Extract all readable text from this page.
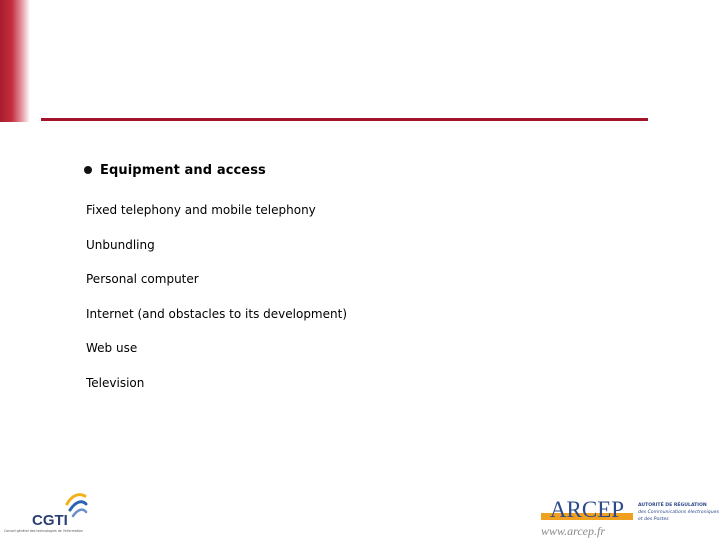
Equipment and access
Fixed telephony and mobile telephony
Unbundling
Personal computer
Internet (and obstacles to its development)
Web use
Television
CGTI
Conseil général des technologies de l'information
ARCEP
www.arcep.fr
AUTORITÉ DE RÉGULATION
des Communications électroniques
et des Postes
